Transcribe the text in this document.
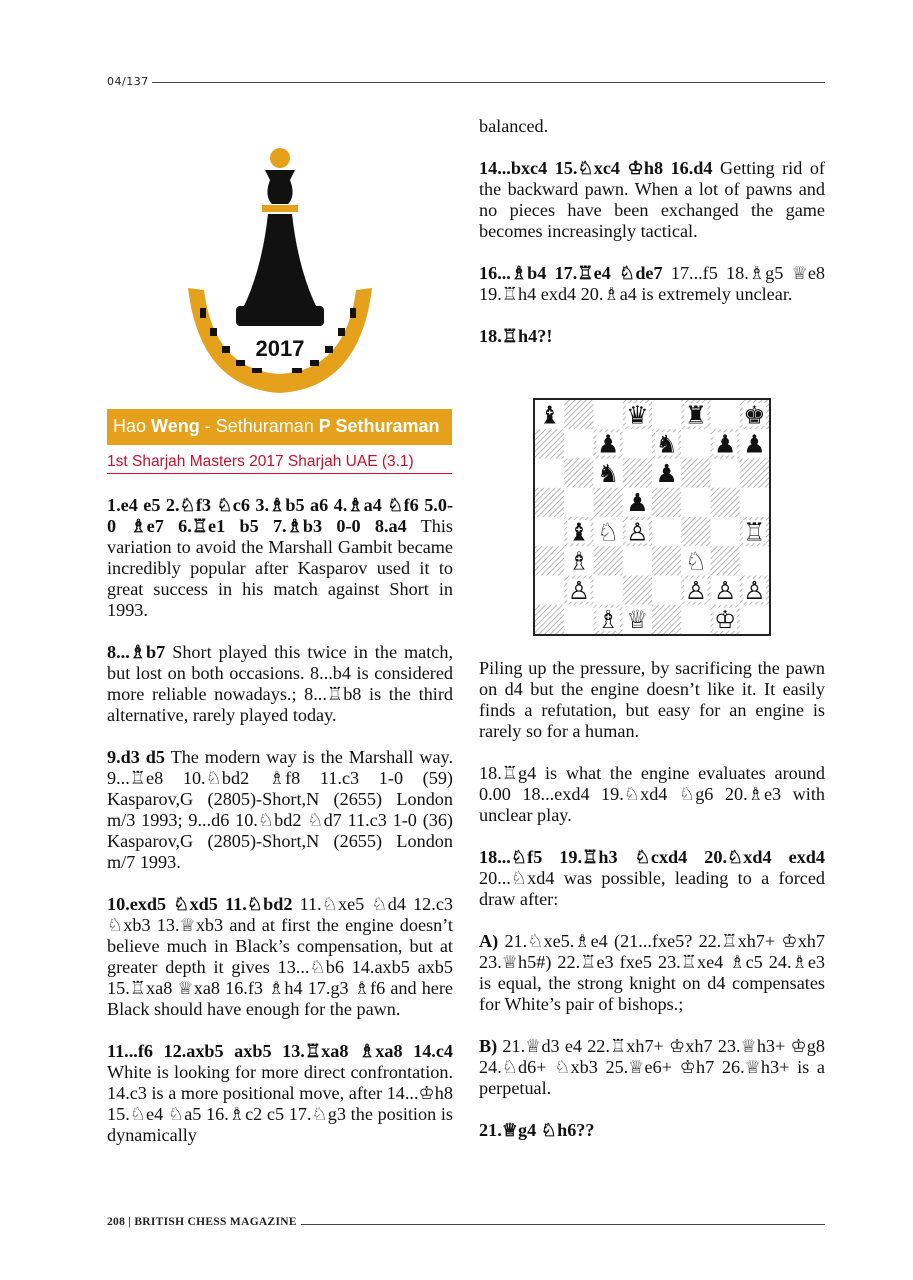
04/137
2017
Hao Weng - Sethuraman P Sethuraman
1st Sharjah Masters 2017 Sharjah UAE (3.1)

1.e4 e5 2.♘f3 ♘c6 3.♗b5 a6 4.♗a4 ♘f6 5.0-0 ♗e7 6.♖e1 b5 7.♗b3 0-0 8.a4 This variation to avoid the Marshall Gambit became incredibly popular after Kasparov used it to great success in his match against Short in 1993.

8...♗b7 Short played this twice in the match, but lost on both occasions. 8...b4 is considered more reliable nowadays.; 8...♖b8 is the third alternative, rarely played today.

9.d3 d5 The modern way is the Marshall way. 9...♖e8 10.♘bd2 ♗f8 11.c3 1-0 (59) Kasparov,G (2805)-Short,N (2655) London m/3 1993; 9...d6 10.♘bd2 ♘d7 11.c3 1-0 (36) Kasparov,G (2805)-Short,N (2655) London m/7 1993.

10.exd5 ♘xd5 11.♘bd2 11.♘xe5 ♘d4 12.c3 ♘xb3 13.♕xb3 and at first the engine doesn’t believe much in Black’s compensation, but at greater depth it gives 13...♘b6 14.axb5 axb5 15.♖xa8 ♕xa8 16.f3 ♗h4 17.g3 ♗f6 and here Black should have enough for the pawn.

11...f6 12.axb5 axb5 13.♖xa8 ♗xa8 14.c4 White is looking for more direct confrontation. 14.c3 is a more positional move, after 14...♔h8 15.♘e4 ♘a5 16.♗c2 c5 17.♘g3 the position is dynamically

balanced.

14...bxc4 15.♘xc4 ♔h8 16.d4 Getting rid of the backward pawn. When a lot of pawns and no pieces have been exchanged the game becomes increasingly tactical.

16...♗b4 17.♖e4 ♘de7 17...f5 18.♗g5 ♕e8 19.♖h4 exd4 20.♗a4 is extremely unclear.

18.♖h4?!

♝	♛ ♜ ♚
♟ ♞ ♟ ♟
♞ ♟
♟
♝ ♘ ♙	♖
♗	♘
♙	♙ ♙ ♙
♗ ♕	♔

Piling up the pressure, by sacrificing the pawn on d4 but the engine doesn’t like it. It easily finds a refutation, but easy for an engine is rarely so for a human.

18.♖g4 is what the engine evaluates around 0.00 18...exd4 19.♘xd4 ♘g6 20.♗e3 with unclear play.

18...♘f5 19.♖h3 ♘cxd4 20.♘xd4 exd4 20...♘xd4 was possible, leading to a forced draw after:

A) 21.♘xe5.♗e4 (21...fxe5? 22.♖xh7+ ♔xh7 23.♕h5#) 22.♖e3 fxe5 23.♖xe4 ♗c5 24.♗e3 is equal, the strong knight on d4 compensates for White’s pair of bishops.;

B) 21.♕d3 e4 22.♖xh7+ ♔xh7 23.♕h3+ ♔g8 24.♘d6+ ♘xb3 25.♕e6+ ♔h7 26.♕h3+ is a perpetual.

21.♕g4 ♘h6??

208 | BRITISH CHESS MAGAZINE
